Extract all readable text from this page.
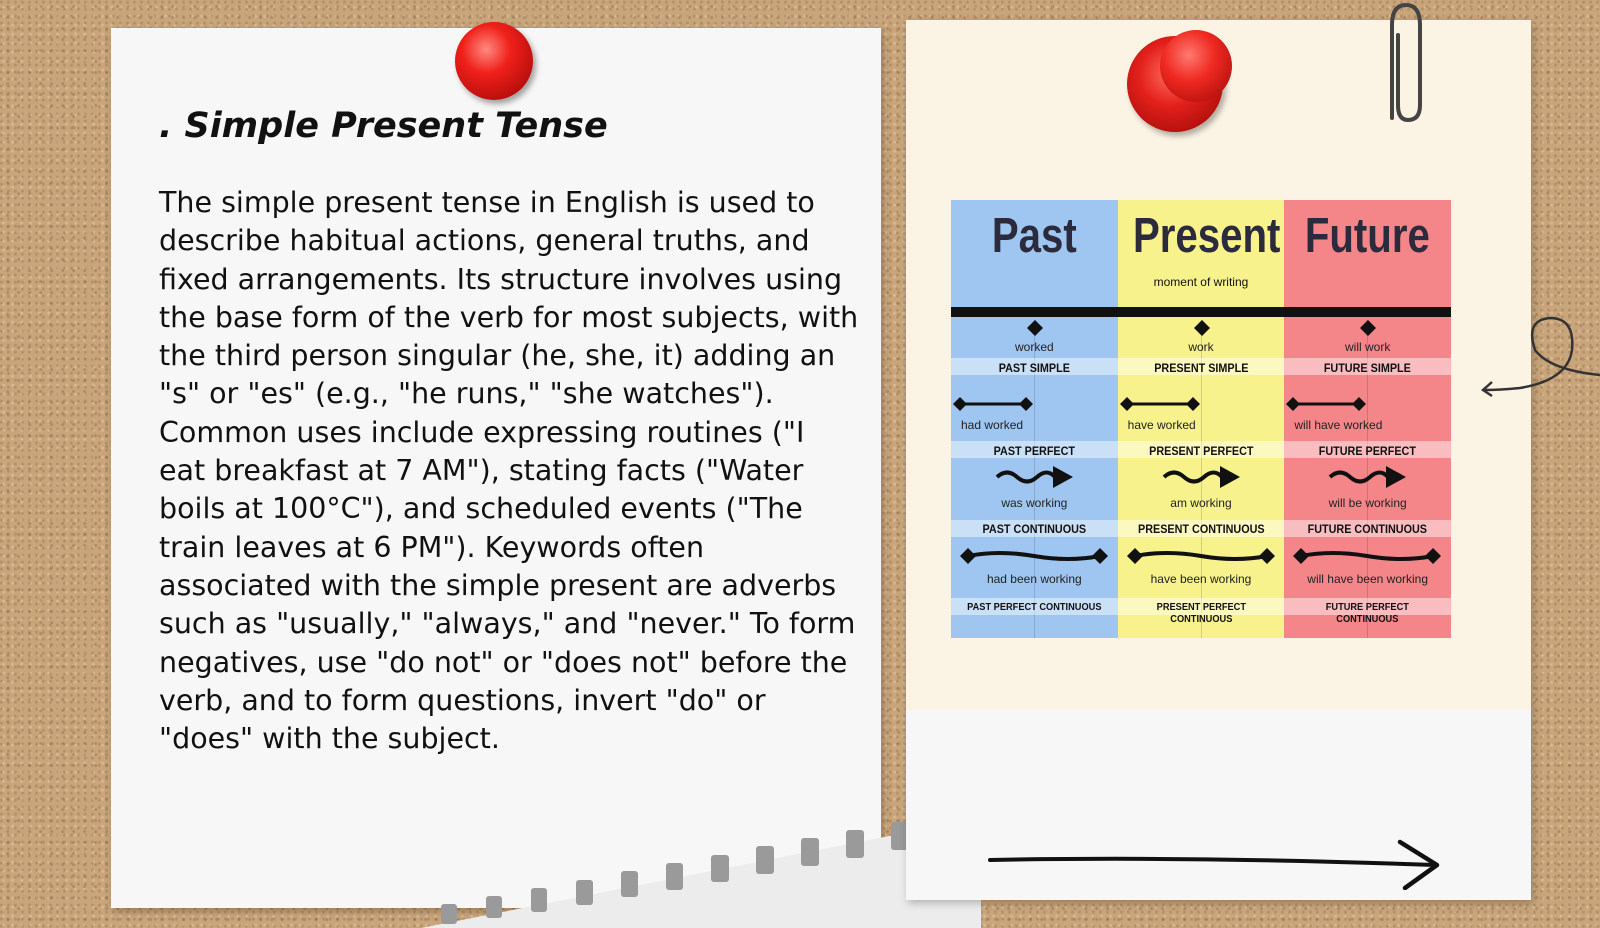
. Simple Present Tense

The simple present tense in English is used to describe habitual actions, general truths, and fixed arrangements. Its structure involves using the base form of the verb for most subjects, with the third person singular (he, she, it) adding an "s" or "es" (e.g., "he runs," "she watches"). Common uses include expressing routines ("I eat breakfast at 7 AM"), stating facts ("Water boils at 100°C"), and scheduled events ("The train leaves at 6 PM"). Keywords often associated with the simple present are adverbs such as "usually," "always," and "never." To form negatives, use "do not" or "does not" before the verb, and to form questions, invert "do" or "does" with the subject.

Past
worked
PAST SIMPLE
had worked
PAST PERFECT
was working
PAST CONTINUOUS
had been working
PAST PERFECT CONTINUOUS
Present
moment of writing
work
PRESENT SIMPLE
have worked
PRESENT PERFECT
am working
PRESENT CONTINUOUS
have been working
PRESENT PERFECT CONTINUOUS
Future
will work
FUTURE SIMPLE
will have worked
FUTURE PERFECT
will be working
FUTURE CONTINUOUS
will have been working
FUTURE PERFECT CONTINUOUS
